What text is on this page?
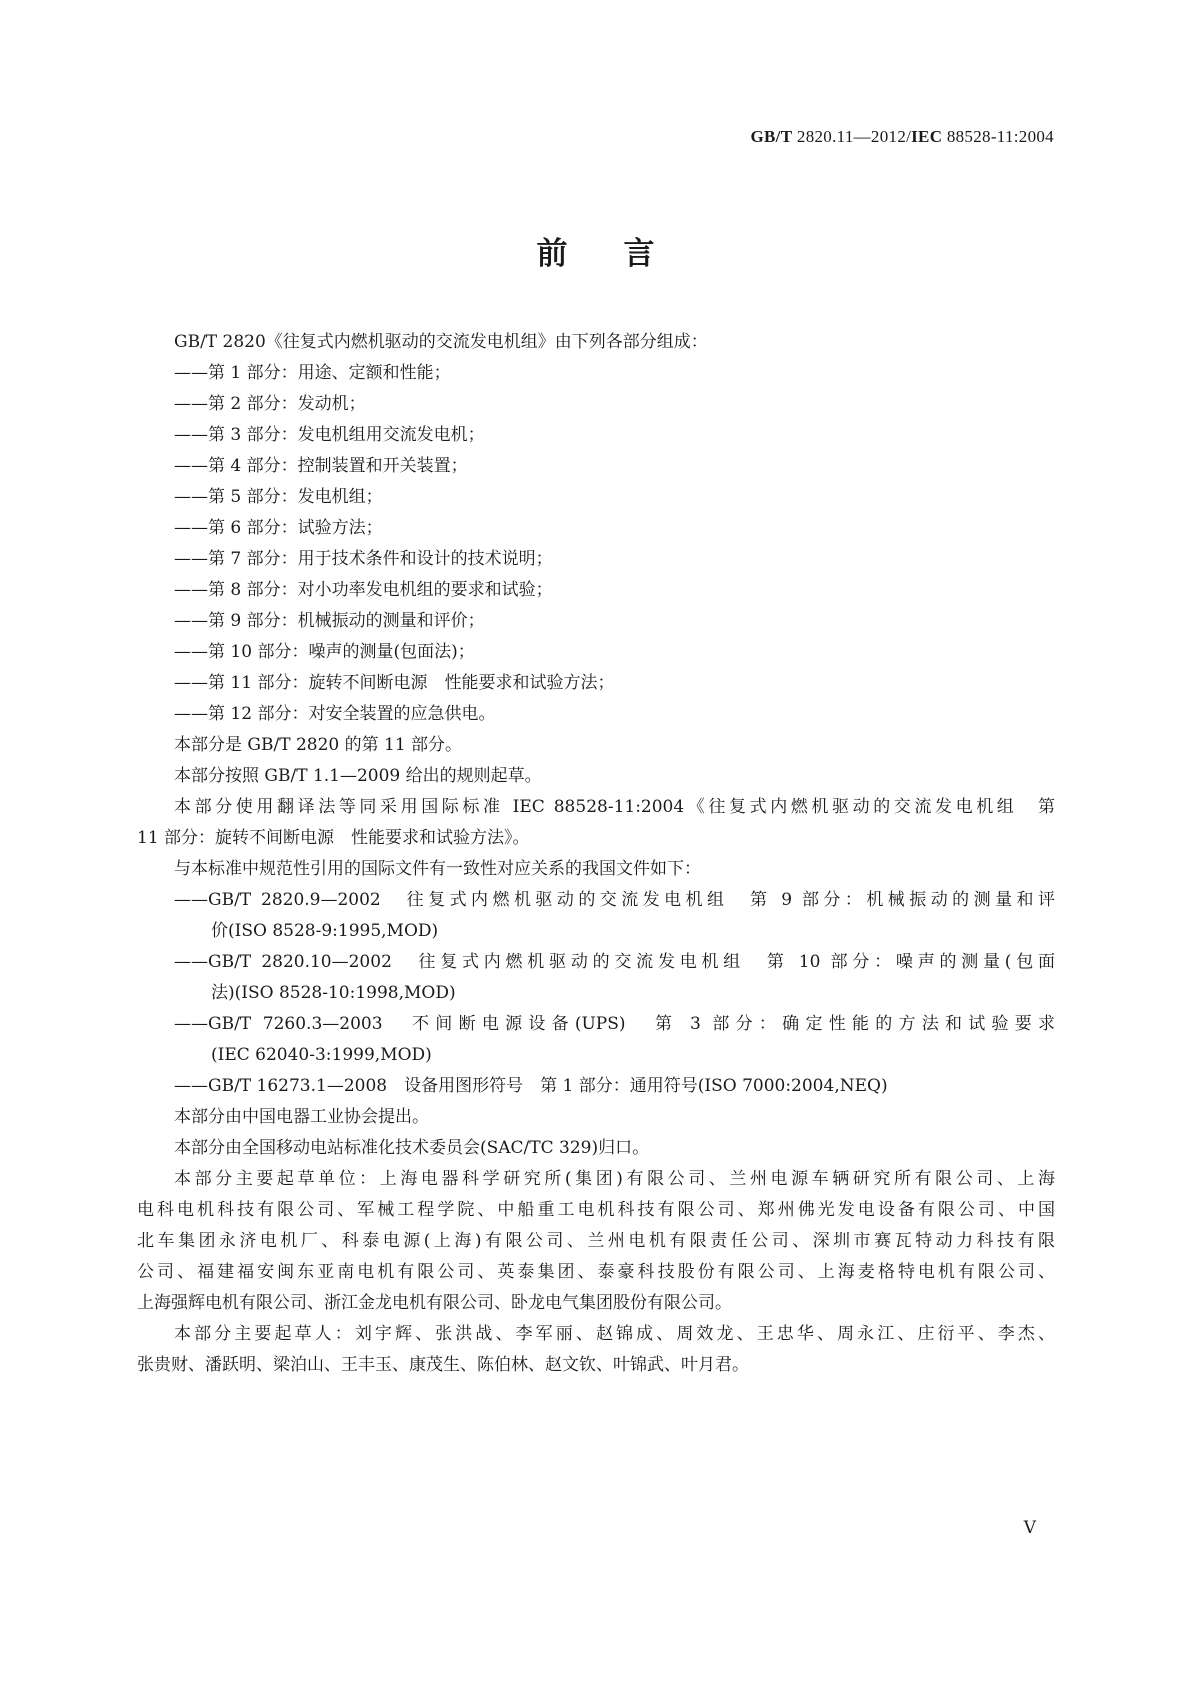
GB/T 2820.11—2012/IEC 88528-11:2004
前 言
GB/T 2820《往复式内燃机驱动的交流发电机组》由下列各部分组成：
——第 1 部分：用途、定额和性能；
——第 2 部分：发动机；
——第 3 部分：发电机组用交流发电机；
——第 4 部分：控制装置和开关装置；
——第 5 部分：发电机组；
——第 6 部分：试验方法；
——第 7 部分：用于技术条件和设计的技术说明；
——第 8 部分：对小功率发电机组的要求和试验；
——第 9 部分：机械振动的测量和评价；
——第 10 部分：噪声的测量(包面法)；
——第 11 部分：旋转不间断电源　性能要求和试验方法；
——第 12 部分：对安全装置的应急供电。
本部分是 GB/T 2820 的第 11 部分。
本部分按照 GB/T 1.1—2009 给出的规则起草。
本部分使用翻译法等同采用国际标准 IEC 88528-11:2004《往复式内燃机驱动的交流发电机组　第
11 部分：旋转不间断电源　性能要求和试验方法》。
与本标准中规范性引用的国际文件有一致性对应关系的我国文件如下：
——GB/T 2820.9—2002　往复式内燃机驱动的交流发电机组　第 9 部分：机械振动的测量和评
价(ISO 8528-9:1995,MOD)
——GB/T 2820.10—2002　往复式内燃机驱动的交流发电机组　第 10 部分：噪声的测量(包面
法)(ISO 8528-10:1998,MOD)
——GB/T 7260.3—2003　不间断电源设备(UPS)　第 3 部分：确定性能的方法和试验要求
(IEC 62040-3:1999,MOD)
——GB/T 16273.1—2008　设备用图形符号　第 1 部分：通用符号(ISO 7000:2004,NEQ)
本部分由中国电器工业协会提出。
本部分由全国移动电站标准化技术委员会(SAC/TC 329)归口。
本部分主要起草单位：上海电器科学研究所(集团)有限公司、兰州电源车辆研究所有限公司、上海
电科电机科技有限公司、军械工程学院、中船重工电机科技有限公司、郑州佛光发电设备有限公司、中国
北车集团永济电机厂、科泰电源(上海)有限公司、兰州电机有限责任公司、深圳市赛瓦特动力科技有限
公司、福建福安闽东亚南电机有限公司、英泰集团、泰豪科技股份有限公司、上海麦格特电机有限公司、
上海强辉电机有限公司、浙江金龙电机有限公司、卧龙电气集团股份有限公司。
本部分主要起草人：刘宇辉、张洪战、李军丽、赵锦成、周效龙、王忠华、周永江、庄衍平、李杰、
张贵财、潘跃明、梁泊山、王丰玉、康茂生、陈伯林、赵文钦、叶锦武、叶月君。
V
